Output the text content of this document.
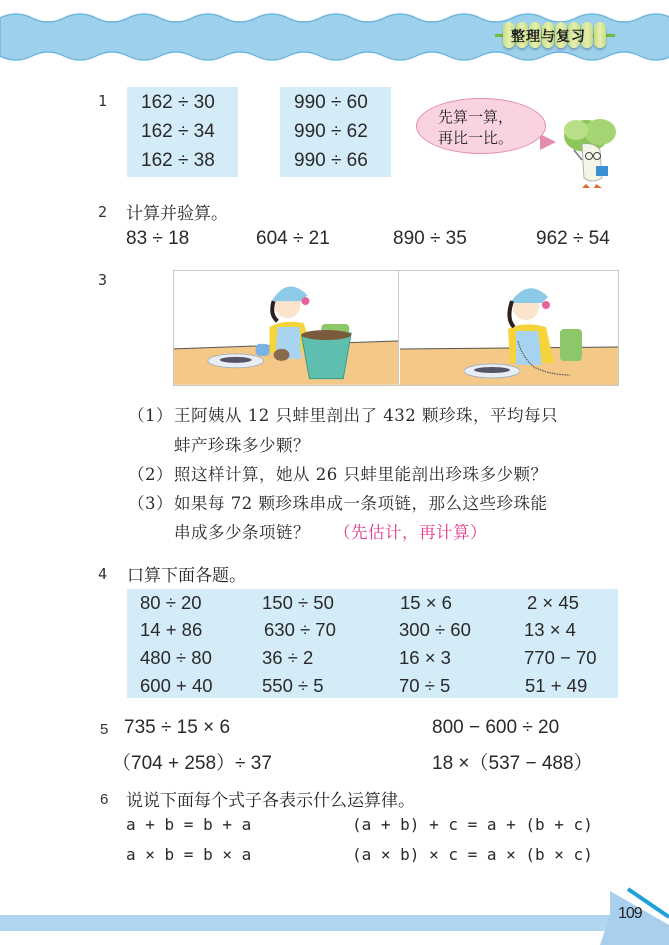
整理与复习
1 162 ÷ 30
162 ÷ 34
162 ÷ 38
990 ÷ 60
990 ÷ 62
990 ÷ 66
先算一算，
再比一比。
2 计算并验算。
83 ÷ 18	604 ÷ 21	890 ÷ 35	962 ÷ 54
3
（1） 王阿姨从 12 只蚌里剖出了 432 颗珍珠，平均每只
蚌产珍珠多少颗？
（2） 照这样计算，她从 26 只蚌里能剖出珍珠多少颗？
（3） 如果每 72 颗珍珠串成一条项链，那么这些珍珠能
串成多少条项链？ （先估计，再计算）
4 口算下面各题。
80 ÷ 20	150 ÷ 50	15 × 6	2 × 45
14 + 86	630 ÷ 70	300 ÷ 60	13 × 4
480 ÷ 80	36 ÷ 2	16 × 3	770 − 70
600 + 40	550 ÷ 5	70 ÷ 5	51 + 49
5 735 ÷ 15 × 6	800 − 600 ÷ 20
（704 + 258）÷ 37	18 ×（537 − 488）
6 说说下面每个式子各表示什么运算律。
a + b = b + a	(a + b) + c = a + (b + c)
a × b = b × a	(a × b) × c = a × (b × c)
109
